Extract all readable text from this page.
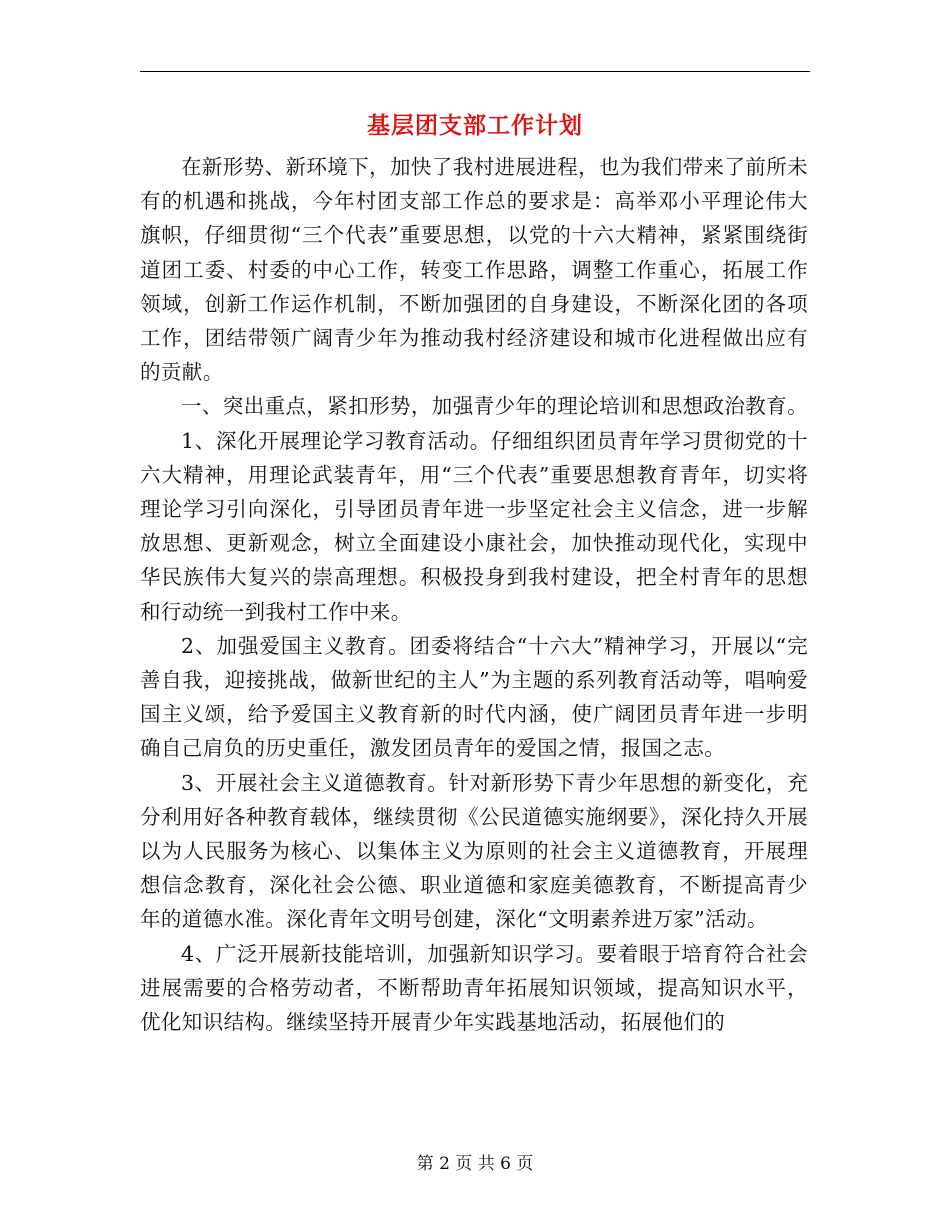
基层团支部工作计划

在新形势、新环境下，加快了我村进展进程，也为我们带来了前所未有的机遇和挑战，今年村团支部工作总的要求是：高举邓小平理论伟大旗帜，仔细贯彻“三个代表”重要思想，以党的十六大精神，紧紧围绕街道团工委、村委的中心工作，转变工作思路，调整工作重心，拓展工作领域，创新工作运作机制，不断加强团的自身建设，不断深化团的各项工作，团结带领广阔青少年为推动我村经济建设和城市化进程做出应有的贡献。

一、突出重点，紧扣形势，加强青少年的理论培训和思想政治教育。

1、深化开展理论学习教育活动。仔细组织团员青年学习贯彻党的十六大精神，用理论武装青年，用“三个代表”重要思想教育青年，切实将理论学习引向深化，引导团员青年进一步坚定社会主义信念，进一步解放思想、更新观念，树立全面建设小康社会，加快推动现代化，实现中华民族伟大复兴的崇高理想。积极投身到我村建设，把全村青年的思想和行动统一到我村工作中来。

2、加强爱国主义教育。团委将结合“十六大”精神学习，开展以“完善自我，迎接挑战，做新世纪的主人”为主题的系列教育活动等，唱响爱国主义颂，给予爱国主义教育新的时代内涵，使广阔团员青年进一步明确自己肩负的历史重任，激发团员青年的爱国之情，报国之志。

3、开展社会主义道德教育。针对新形势下青少年思想的新变化，充分利用好各种教育载体，继续贯彻《公民道德实施纲要》，深化持久开展以为人民服务为核心、以集体主义为原则的社会主义道德教育，开展理想信念教育，深化社会公德、职业道德和家庭美德教育，不断提高青少年的道德水准。深化青年文明号创建，深化“文明素养进万家”活动。

4、广泛开展新技能培训，加强新知识学习。要着眼于培育符合社会进展需要的合格劳动者，不断帮助青年拓展知识领域，提高知识水平，优化知识结构。继续坚持开展青少年实践基地活动，拓展他们的

第 2 页 共 6 页
